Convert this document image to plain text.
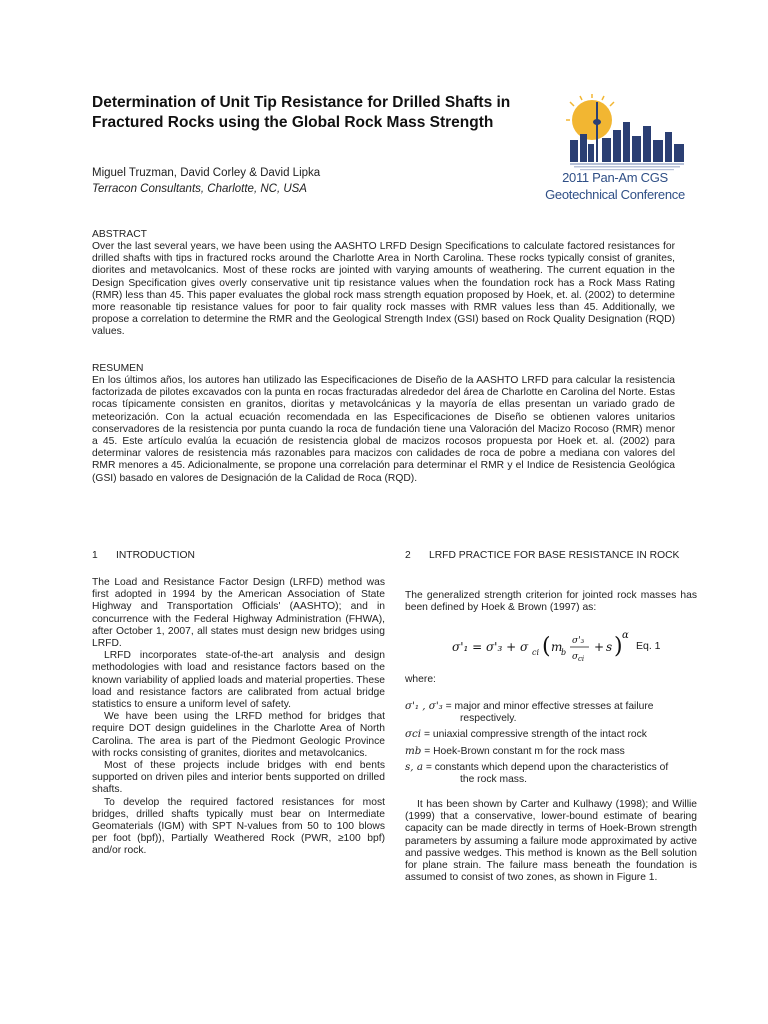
Determination of Unit Tip Resistance for Drilled Shafts in Fractured Rocks using the Global Rock Mass Strength
Miguel Truzman, David Corley & David Lipka
Terracon Consultants, Charlotte, NC, USA
2011 Pan-Am CGS
Geotechnical Conference
ABSTRACT

Over the last several years, we have been using the AASHTO LRFD Design Specifications to calculate factored resistances for drilled shafts with tips in fractured rocks around the Charlotte Area in North Carolina. These rocks typically consist of granites, diorites and metavolcanics. Most of these rocks are jointed with varying amounts of weathering. The current equation in the Design Specification gives overly conservative unit tip resistance values when the foundation rock has a Rock Mass Rating (RMR) less than 45. This paper evaluates the global rock mass strength equation proposed by Hoek, et. al. (2002) to determine more reasonable tip resistance values for poor to fair quality rock masses with RMR values less than 45. Additionally, we propose a correlation to determine the RMR and the Geological Strength Index (GSI) based on Rock Quality Designation (RQD) values.

RESUMEN

En los últimos años, los autores han utilizado las Especificaciones de Diseño de la AASHTO LRFD para calcular la resistencia factorizada de pilotes excavados con la punta en rocas fracturadas alrededor del área de Charlotte en Carolina del Norte. Estas rocas típicamente consisten en granitos, dioritas y metavolcánicas y la mayoría de ellas presentan un variado grado de meteorización. Con la actual ecuación recomendada en las Especificaciones de Diseño se obtienen valores unitarios conservadores de la resistencia por punta cuando la roca de fundación tiene una Valoración del Macizo Rocoso (RMR) menor a 45. Este artículo evalúa la ecuación de resistencia global de macizos rocosos propuesta por Hoek et. al. (2002) para determinar valores de resistencia más razonables para macizos con calidades de roca de pobre a mediana con valores del RMR menores a 45. Adicionalmente, se propone una correlación para determinar el RMR y el Indice de Resistencia Geológica (GSI) basado en valores de Designación de la Calidad de Roca (RQD).

1 INTRODUCTION

The Load and Resistance Factor Design (LRFD) method was first adopted in 1994 by the American Association of State Highway and Transportation Officials' (AASHTO); and in concurrence with the Federal Highway Administration (FHWA), after October 1, 2007, all states must design new bridges using LRFD.

LRFD incorporates state-of-the-art analysis and design methodologies with load and resistance factors based on the known variability of applied loads and material properties. These load and resistance factors are calibrated from actual bridge statistics to ensure a uniform level of safety.

We have been using the LRFD method for bridges that require DOT design guidelines in the Charlotte Area of North Carolina. The area is part of the Piedmont Geologic Province with rocks consisting of granites, diorites and metavolcanics.

Most of these projects include bridges with end bents supported on driven piles and interior bents supported on drilled shafts.

To develop the required factored resistances for most bridges, drilled shafts typically must bear on Intermediate Geomaterials (IGM) with SPT N-values from 50 to 100 blows per foot (bpf)), Partially Weathered Rock (PWR, ≥100 bpf) and/or rock.

2 LRFD PRACTICE FOR BASE RESISTANCE IN ROCK

The generalized strength criterion for jointed rock masses has been defined by Hoek & Brown (1997) as:

σ'₁ = σ'₃ + σ ci ( m
b
σ'₃
σ ci
+ s ) α
Eq. 1
where:

σ'₁ , σ'₃ = major and minor effective stresses at failure
respectively.

σci = uniaxial compressive strength of the intact rock

mb = Hoek-Brown constant m for the rock mass

s, a = constants which depend upon the characteristics of
the rock mass.

It has been shown by Carter and Kulhawy (1998); and Willie (1999) that a conservative, lower-bound estimate of bearing capacity can be made directly in terms of Hoek-Brown strength parameters by assuming a failure mode approximated by active and passive wedges. This method is known as the Bell solution for plane strain. The failure mass beneath the foundation is assumed to consist of two zones, as shown in Figure 1.
